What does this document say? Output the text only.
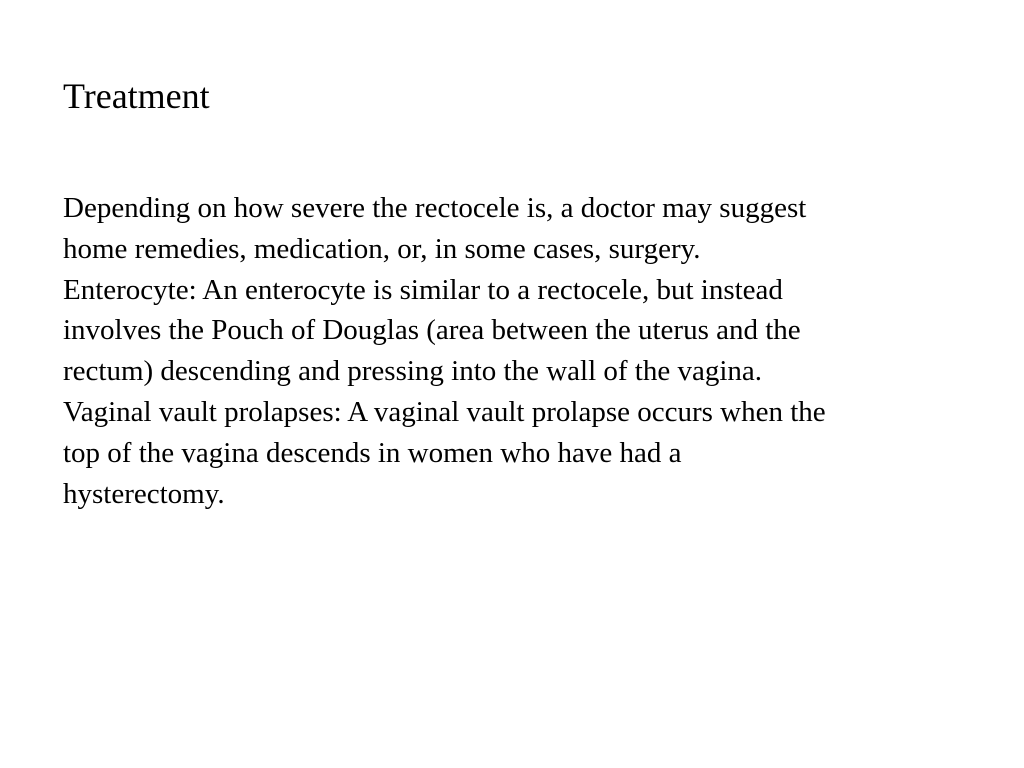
Treatment
Depending on how severe the rectocele is, a doctor may suggest
home remedies, medication, or, in some cases, surgery.
Enterocyte: An enterocyte is similar to a rectocele, but instead
involves the Pouch of Douglas (area between the uterus and the
rectum) descending and pressing into the wall of the vagina.
Vaginal vault prolapses: A vaginal vault prolapse occurs when the
top of the vagina descends in women who have had a
hysterectomy.
